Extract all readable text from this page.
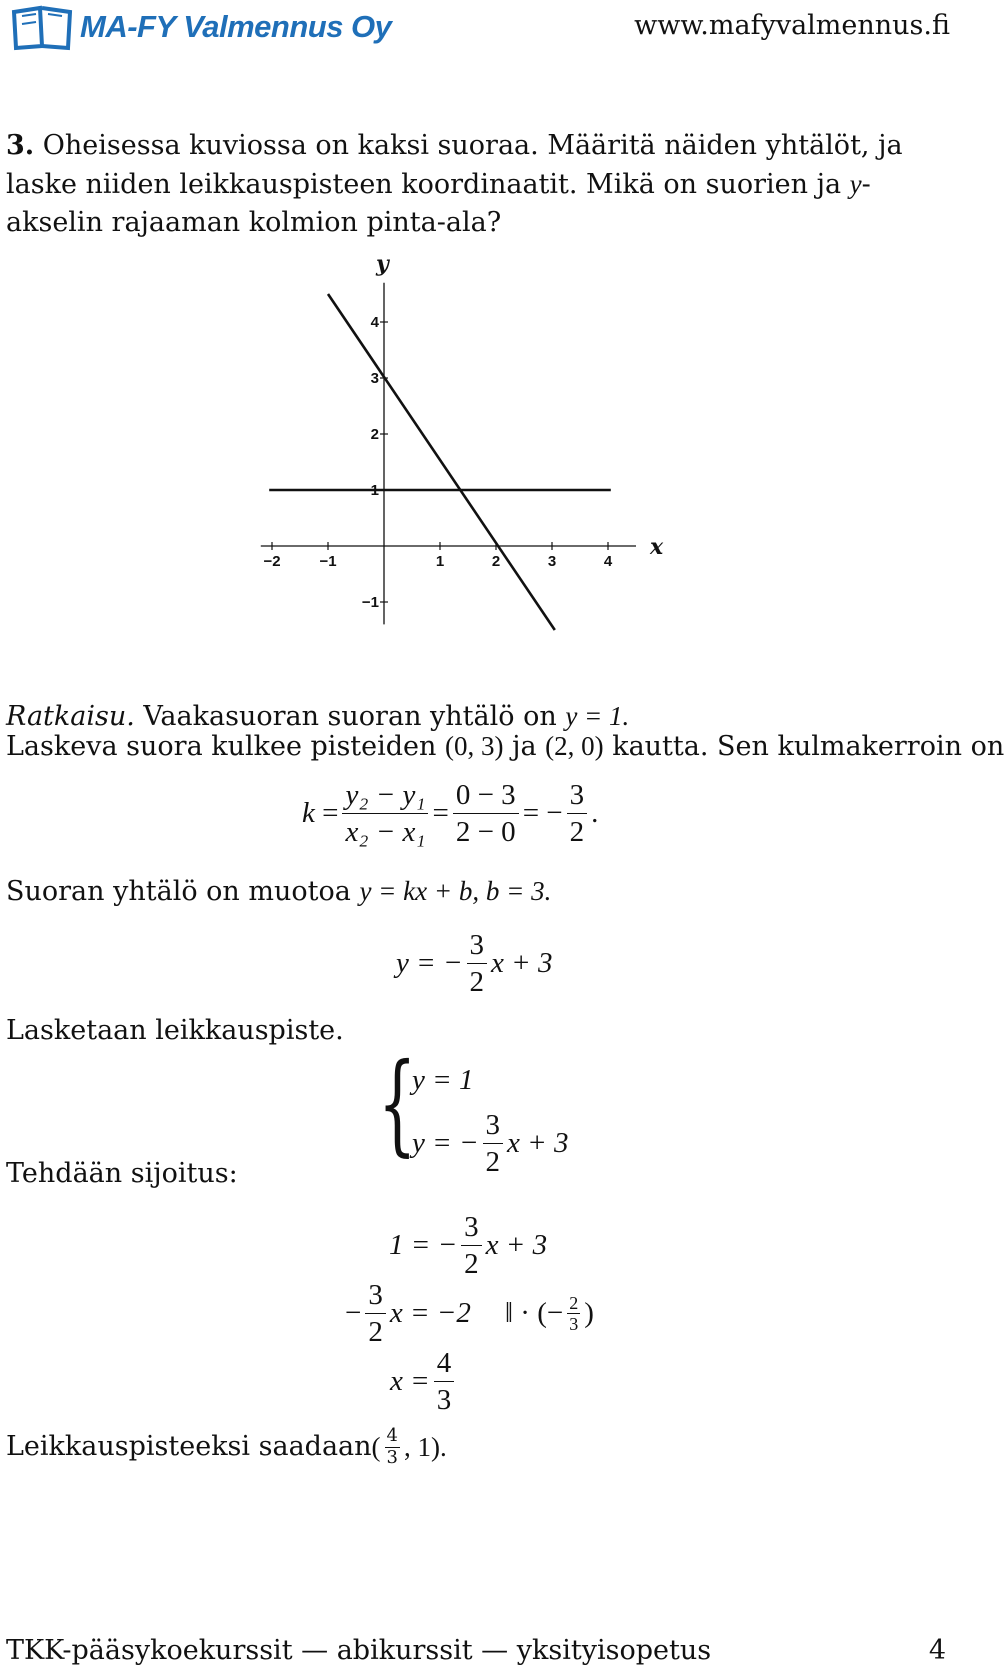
MA-FY Valmennus Oy	www.mafyvalmennus.fi
3. Oheisessa kuviossa on kaksi suoraa. Määritä näiden yhtälöt, ja laske niiden leikkauspisteen koordinaatit. Mikä on suorien ja y-akselin rajaaman kolmion pinta-ala?
−2	−1	1	2	3	4
−1
1
2
3
4
x
y
Ratkaisu. Vaakasuoran suoran yhtälö on y = 1.
Laskeva suora kulkee pisteiden (0, 3) ja (2, 0) kautta. Sen kulmakerroin on
k
= $\frac{\text{y₂ − y₁}}{\text{x₂ − x₁}} = \frac{0 - 3}{2 - 0}$ =
− $\frac{3}{2}$ .
Suoran yhtälö on muotoa y = kx + b, b = 3.
y = − $\frac{3}{2}$ x + 3
Lasketaan leikkauspiste.
{
y = 1
y = − $\frac{3}{2}$ x + 3
Tehdään sijoitus:
1 = − $\frac{3}{2}$ x + 3
− $\frac{3}{2}$ x = −2 ‖ ·
(− $\frac{2}{3}$ )
$x = \frac{4}{3}$
Leikkauspisteeksi saadaan ( $\frac{4}{3}$ , 1).
TKK-pääsykoekurssit — abikurssit — yksityisopetus	4
